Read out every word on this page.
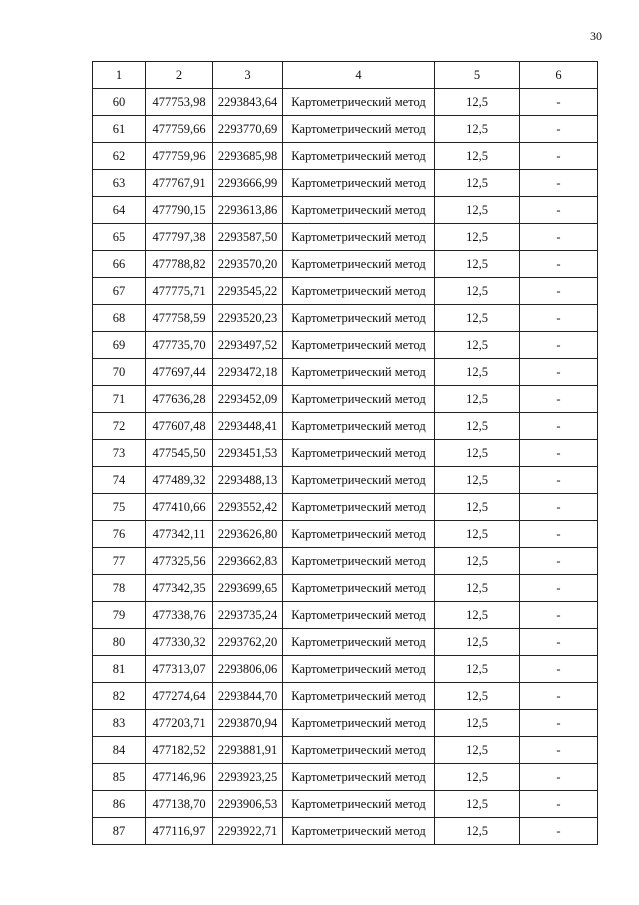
30
1	2	3	4	5	6
60	477753,98	2293843,64	Картометрический метод	12,5	-
61	477759,66	2293770,69	Картометрический метод	12,5	-
62	477759,96	2293685,98	Картометрический метод	12,5	-
63	477767,91	2293666,99	Картометрический метод	12,5	-
64	477790,15	2293613,86	Картометрический метод	12,5	-
65	477797,38	2293587,50	Картометрический метод	12,5	-
66	477788,82	2293570,20	Картометрический метод	12,5	-
67	477775,71	2293545,22	Картометрический метод	12,5	-
68	477758,59	2293520,23	Картометрический метод	12,5	-
69	477735,70	2293497,52	Картометрический метод	12,5	-
70	477697,44	2293472,18	Картометрический метод	12,5	-
71	477636,28	2293452,09	Картометрический метод	12,5	-
72	477607,48	2293448,41	Картометрический метод	12,5	-
73	477545,50	2293451,53	Картометрический метод	12,5	-
74	477489,32	2293488,13	Картометрический метод	12,5	-
75	477410,66	2293552,42	Картометрический метод	12,5	-
76	477342,11	2293626,80	Картометрический метод	12,5	-
77	477325,56	2293662,83	Картометрический метод	12,5	-
78	477342,35	2293699,65	Картометрический метод	12,5	-
79	477338,76	2293735,24	Картометрический метод	12,5	-
80	477330,32	2293762,20	Картометрический метод	12,5	-
81	477313,07	2293806,06	Картометрический метод	12,5	-
82	477274,64	2293844,70	Картометрический метод	12,5	-
83	477203,71	2293870,94	Картометрический метод	12,5	-
84	477182,52	2293881,91	Картометрический метод	12,5	-
85	477146,96	2293923,25	Картометрический метод	12,5	-
86	477138,70	2293906,53	Картометрический метод	12,5	-
87	477116,97	2293922,71	Картометрический метод	12,5	-
